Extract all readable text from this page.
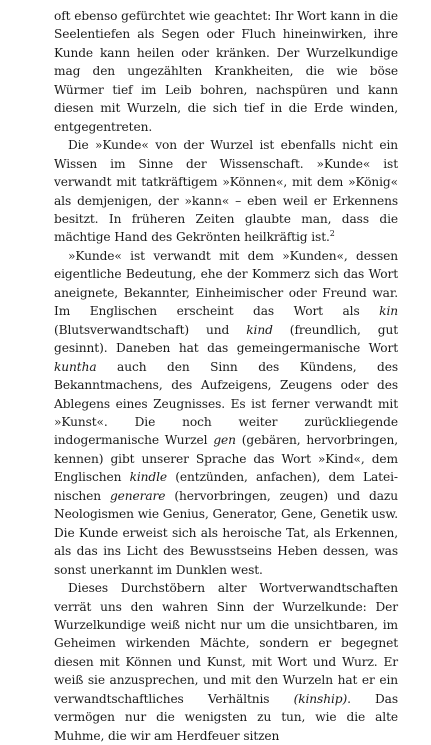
oft ebenso gefürchtet wie geachtet: Ihr Wort kann in die Seelentiefen als Segen oder Fluch hineinwirken, ihre Kunde kann heilen oder kränken. Der Wurzelkundige mag den ungezählten Krankheiten, die wie böse Würmer tief im Leib bohren, nachspüren und kann diesen mit Wurzeln, die sich tief in die Erde winden, entgegentreten.

Die »Kunde« von der Wurzel ist ebenfalls nicht ein Wissen im Sinne der Wissenschaft. »Kunde« ist verwandt mit tatkräftigem »Können«, mit dem »König« als demjenigen, der »kann« – eben weil er Erkennens besitzt. In früheren Zeiten glaubte man, dass die mächtige Hand des Gekrönten heilkräftig ist.$^2$

»Kunde« ist verwandt mit dem »Kunden«, dessen eigentliche Bedeutung, ehe der Kommerz sich das Wort aneignete, Bekannter, Einheimischer oder Freund war. Im Englischen erscheint das Wort als kin (Blutsverwandtschaft) und kind (freundlich, gut gesinnt). Daneben hat das gemeingermanische Wort kuntha auch den Sinn des Kündens, des Bekanntmachens, des Aufzeigens, Zeugens oder des Ablegens eines Zeugnisses. Es ist ferner verwandt mit »Kunst«. Die noch weiter zurückliegende indogermanische Wurzel gen (gebären, hervorbringen, kennen) gibt unserer Sprache das Wort »Kind«, dem Englischen kindle (entzünden, anfachen), dem Lateinischen generare (hervorbringen, zeugen) und dazu Neologismen wie Genius, Generator, Gene, Genetik usw. Die Kunde erweist sich als heroische Tat, als Erkennen, als das ins Licht des Bewusstseins Heben dessen, was sonst unerkannt im Dunklen west.

Dieses Durchstöbern alter Wortverwandtschaften verrät uns den wahren Sinn der Wurzelkunde: Der Wurzelkundige weiß nicht nur um die unsichtbaren, im Geheimen wirkenden Mächte, sondern er begegnet diesen mit Können und Kunst, mit Wort und Wurz. Er weiß sie anzusprechen, und mit den Wurzeln hat er ein verwandtschaftliches Verhältnis (kinship). Das vermögen nur die wenigsten zu tun, wie die alte Muhme, die wir am Herdfeuer sitzen
